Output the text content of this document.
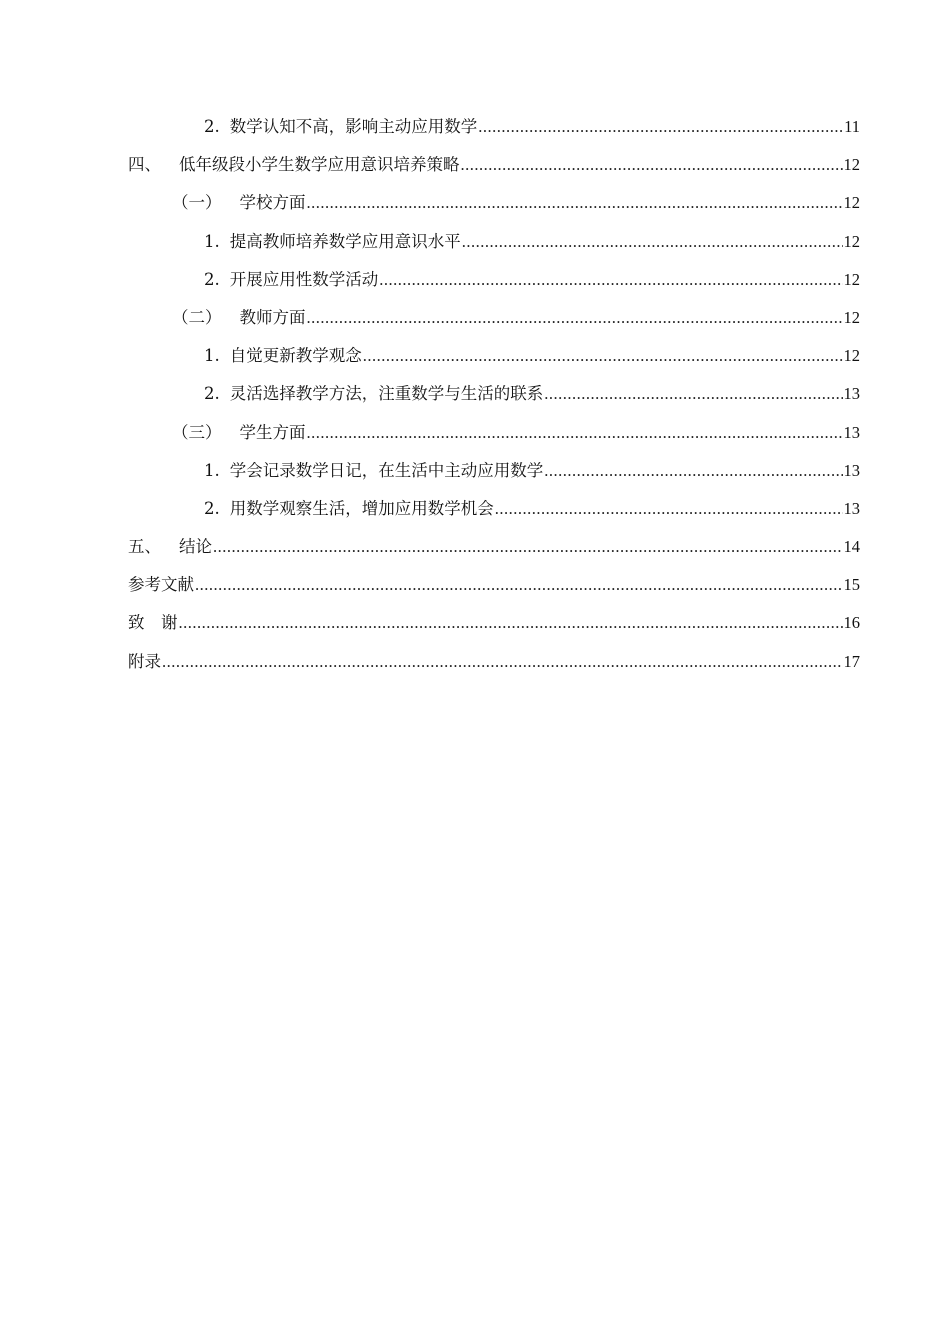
2. 数学认知不高，影响主动应用数学 .....	11
四、 低年级段小学生数学应用意识培养策略 .....	12
（一） 学校方面 .....	12
1. 提高教师培养数学应用意识水平 .....	12
2. 开展应用性数学活动 .....	12
（二） 教师方面 .....	12
1. 自觉更新教学观念 .....	12
2. 灵活选择教学方法，注重数学与生活的联系 .....	13
（三） 学生方面 .....	13
1. 学会记录数学日记，在生活中主动应用数学 .....	13
2. 用数学观察生活，增加应用数学机会 .....	13
五、 结论 .....	14
参考文献 .....	15
致　谢 .....	16
附录 .....	17
